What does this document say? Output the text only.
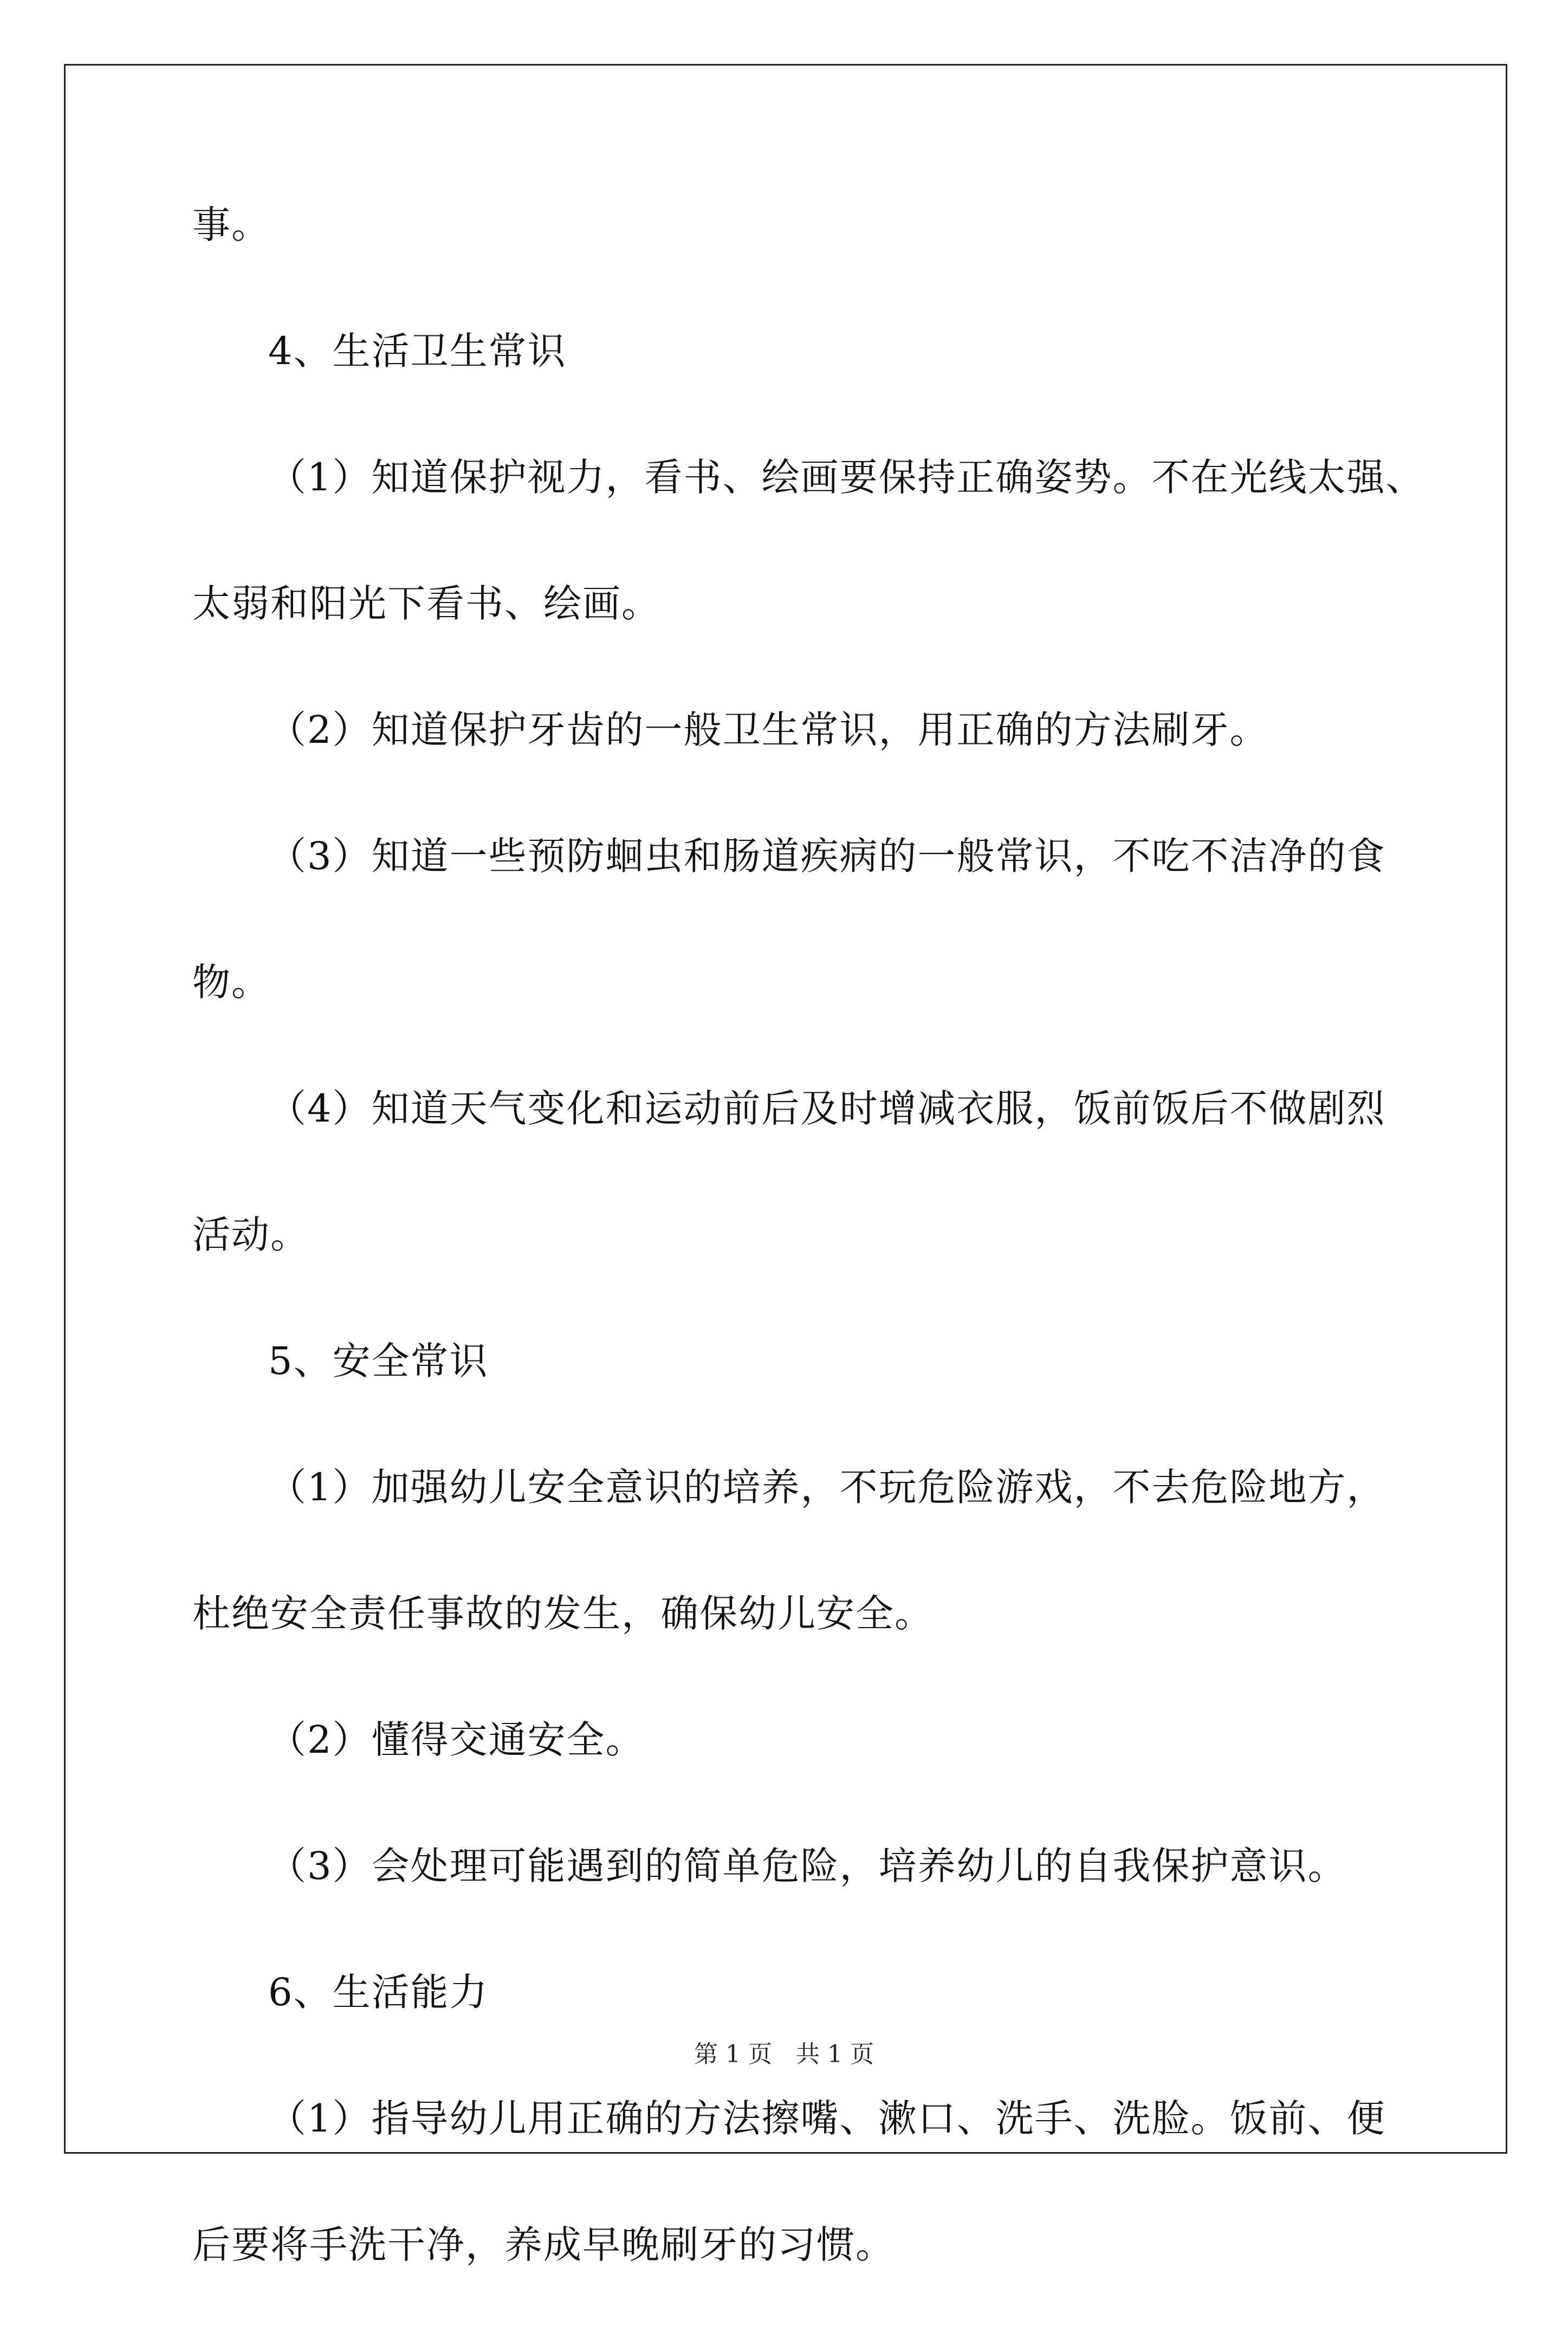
事。
4、生活卫生常识
（1）知道保护视力，看书、绘画要保持正确姿势。不在光线太强、
太弱和阳光下看书、绘画。
（2）知道保护牙齿的一般卫生常识，用正确的方法刷牙。
（3）知道一些预防蛔虫和肠道疾病的一般常识，不吃不洁净的食
物。
（4）知道天气变化和运动前后及时增减衣服，饭前饭后不做剧烈
活动。
5、安全常识
（1）加强幼儿安全意识的培养，不玩危险游戏，不去危险地方，
杜绝安全责任事故的发生，确保幼儿安全。
（2）懂得交通安全。
（3）会处理可能遇到的简单危险，培养幼儿的自我保护意识。
6、生活能力
（1）指导幼儿用正确的方法擦嘴、漱口、洗手、洗脸。饭前、便
后要将手洗干净，养成早晚刷牙的习惯。
第 1 页　共 1 页
